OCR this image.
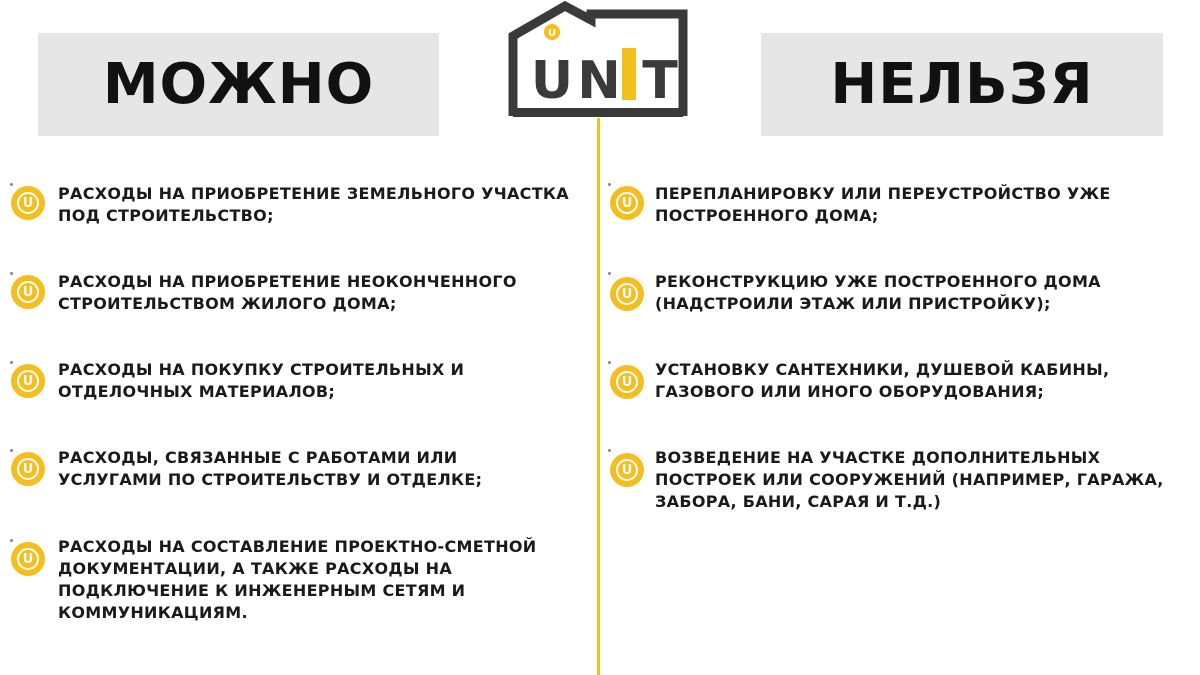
МОЖНО	НЕЛЬЗЯ
U
U N	I T
U	РАСХОДЫ НА ПРИОБРЕТЕНИЕ ЗЕМЕЛЬНОГО УЧАСТКА ПОД СТРОИТЕЛЬСТВО;
U
РАСХОДЫ НА ПРИОБРЕТЕНИЕ НЕОКОНЧЕННОГО СТРОИТЕЛЬСТВОМ ЖИЛОГО ДОМА;
U
РАСХОДЫ НА ПОКУПКУ СТРОИТЕЛЬНЫХ И ОТДЕЛОЧНЫХ МАТЕРИАЛОВ;
U
РАСХОДЫ, СВЯЗАННЫЕ С РАБОТАМИ ИЛИ УСЛУГАМИ ПО СТРОИТЕЛЬСТВУ И ОТДЕЛКЕ;
U
РАСХОДЫ НА СОСТАВЛЕНИЕ ПРОЕКТНО-СМЕТНОЙ ДОКУМЕНТАЦИИ, А ТАКЖЕ РАСХОДЫ НА ПОДКЛЮЧЕНИЕ К ИНЖЕНЕРНЫМ СЕТЯМ И КОММУНИКАЦИЯМ.
U	ПЕРЕПЛАНИРОВКУ ИЛИ ПЕРЕУСТРОЙСТВО УЖЕ ПОСТРОЕННОГО ДОМА;
U
РЕКОНСТРУКЦИЮ УЖЕ ПОСТРОЕННОГО ДОМА (НАДСТРОИЛИ ЭТАЖ ИЛИ ПРИСТРОЙКУ);
U
УСТАНОВКУ САНТЕХНИКИ, ДУШЕВОЙ КАБИНЫ, ГАЗОВОГО ИЛИ ИНОГО ОБОРУДОВАНИЯ;
U
ВОЗВЕДЕНИЕ НА УЧАСТКЕ ДОПОЛНИТЕЛЬНЫХ ПОСТРОЕК ИЛИ СООРУЖЕНИЙ (НАПРИМЕР, ГАРАЖА, ЗАБОРА, БАНИ, САРАЯ И Т.Д.)
